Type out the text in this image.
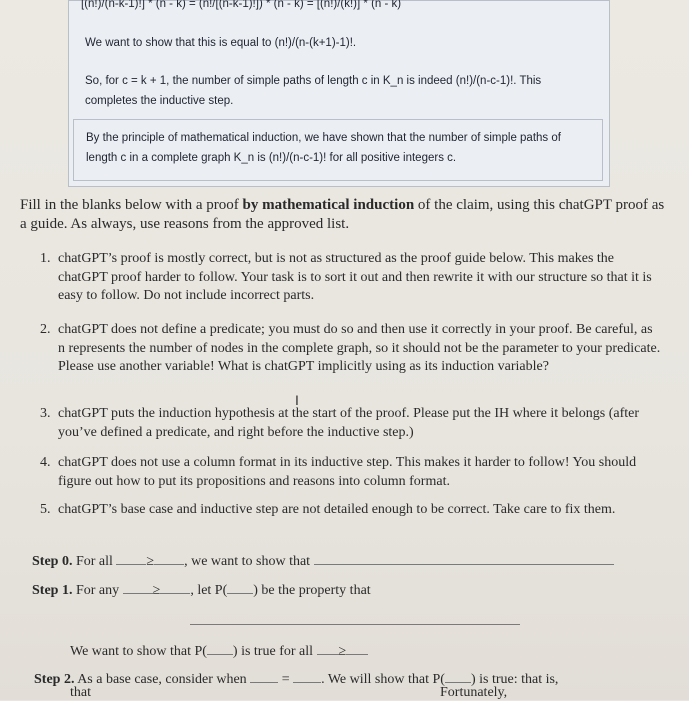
[(n!)/(n-k-1)!] * (n - k) = (n!/[(n-k-1)!]) * (n - k) = [(n!)/(k!)] * (n - k)
We want to show that this is equal to (n!)/(n-(k+1)-1)!.
So, for c = k + 1, the number of simple paths of length c in K_n is indeed (n!)/(n-c-1)!. This completes the inductive step.
By the principle of mathematical induction, we have shown that the number of simple paths of length c in a complete graph K_n is (n!)/(n-c-1)! for all positive integers c.
Fill in the blanks below with a proof by mathematical induction of the claim, using this chatGPT proof as a guide. As always, use reasons from the approved list.
1. chatGPT’s proof is mostly correct, but is not as structured as the proof guide below. This makes the chatGPT proof harder to follow. Your task is to sort it out and then rewrite it with our structure so that it is easy to follow. Do not include incorrect parts.
2. chatGPT does not define a predicate; you must do so and then use it correctly in your proof. Be careful, as n represents the number of nodes in the complete graph, so it should not be the parameter to your predicate. Please use another variable! What is chatGPT implicitly using as its induction variable?
3. chatGPT puts the induction hypothesis at the start of the proof. Please put the IH where it belongs (after you’ve defined a predicate, and right before the inductive step.)
4. chatGPT does not use a column format in its inductive step. This makes it harder to follow! You should figure out how to put its propositions and reasons into column format.
5. chatGPT’s base case and inductive step are not detailed enough to be correct. Take care to fix them.
I
Step 0. For all ≥ , we want to show that
Step 1. For any ≥ , let P( ) be the property that
We want to show that P( ) is true for all ≥
Step 2. As a base case, consider when	= . We will show that P( ) is true: that is,
that	Fortunately,
